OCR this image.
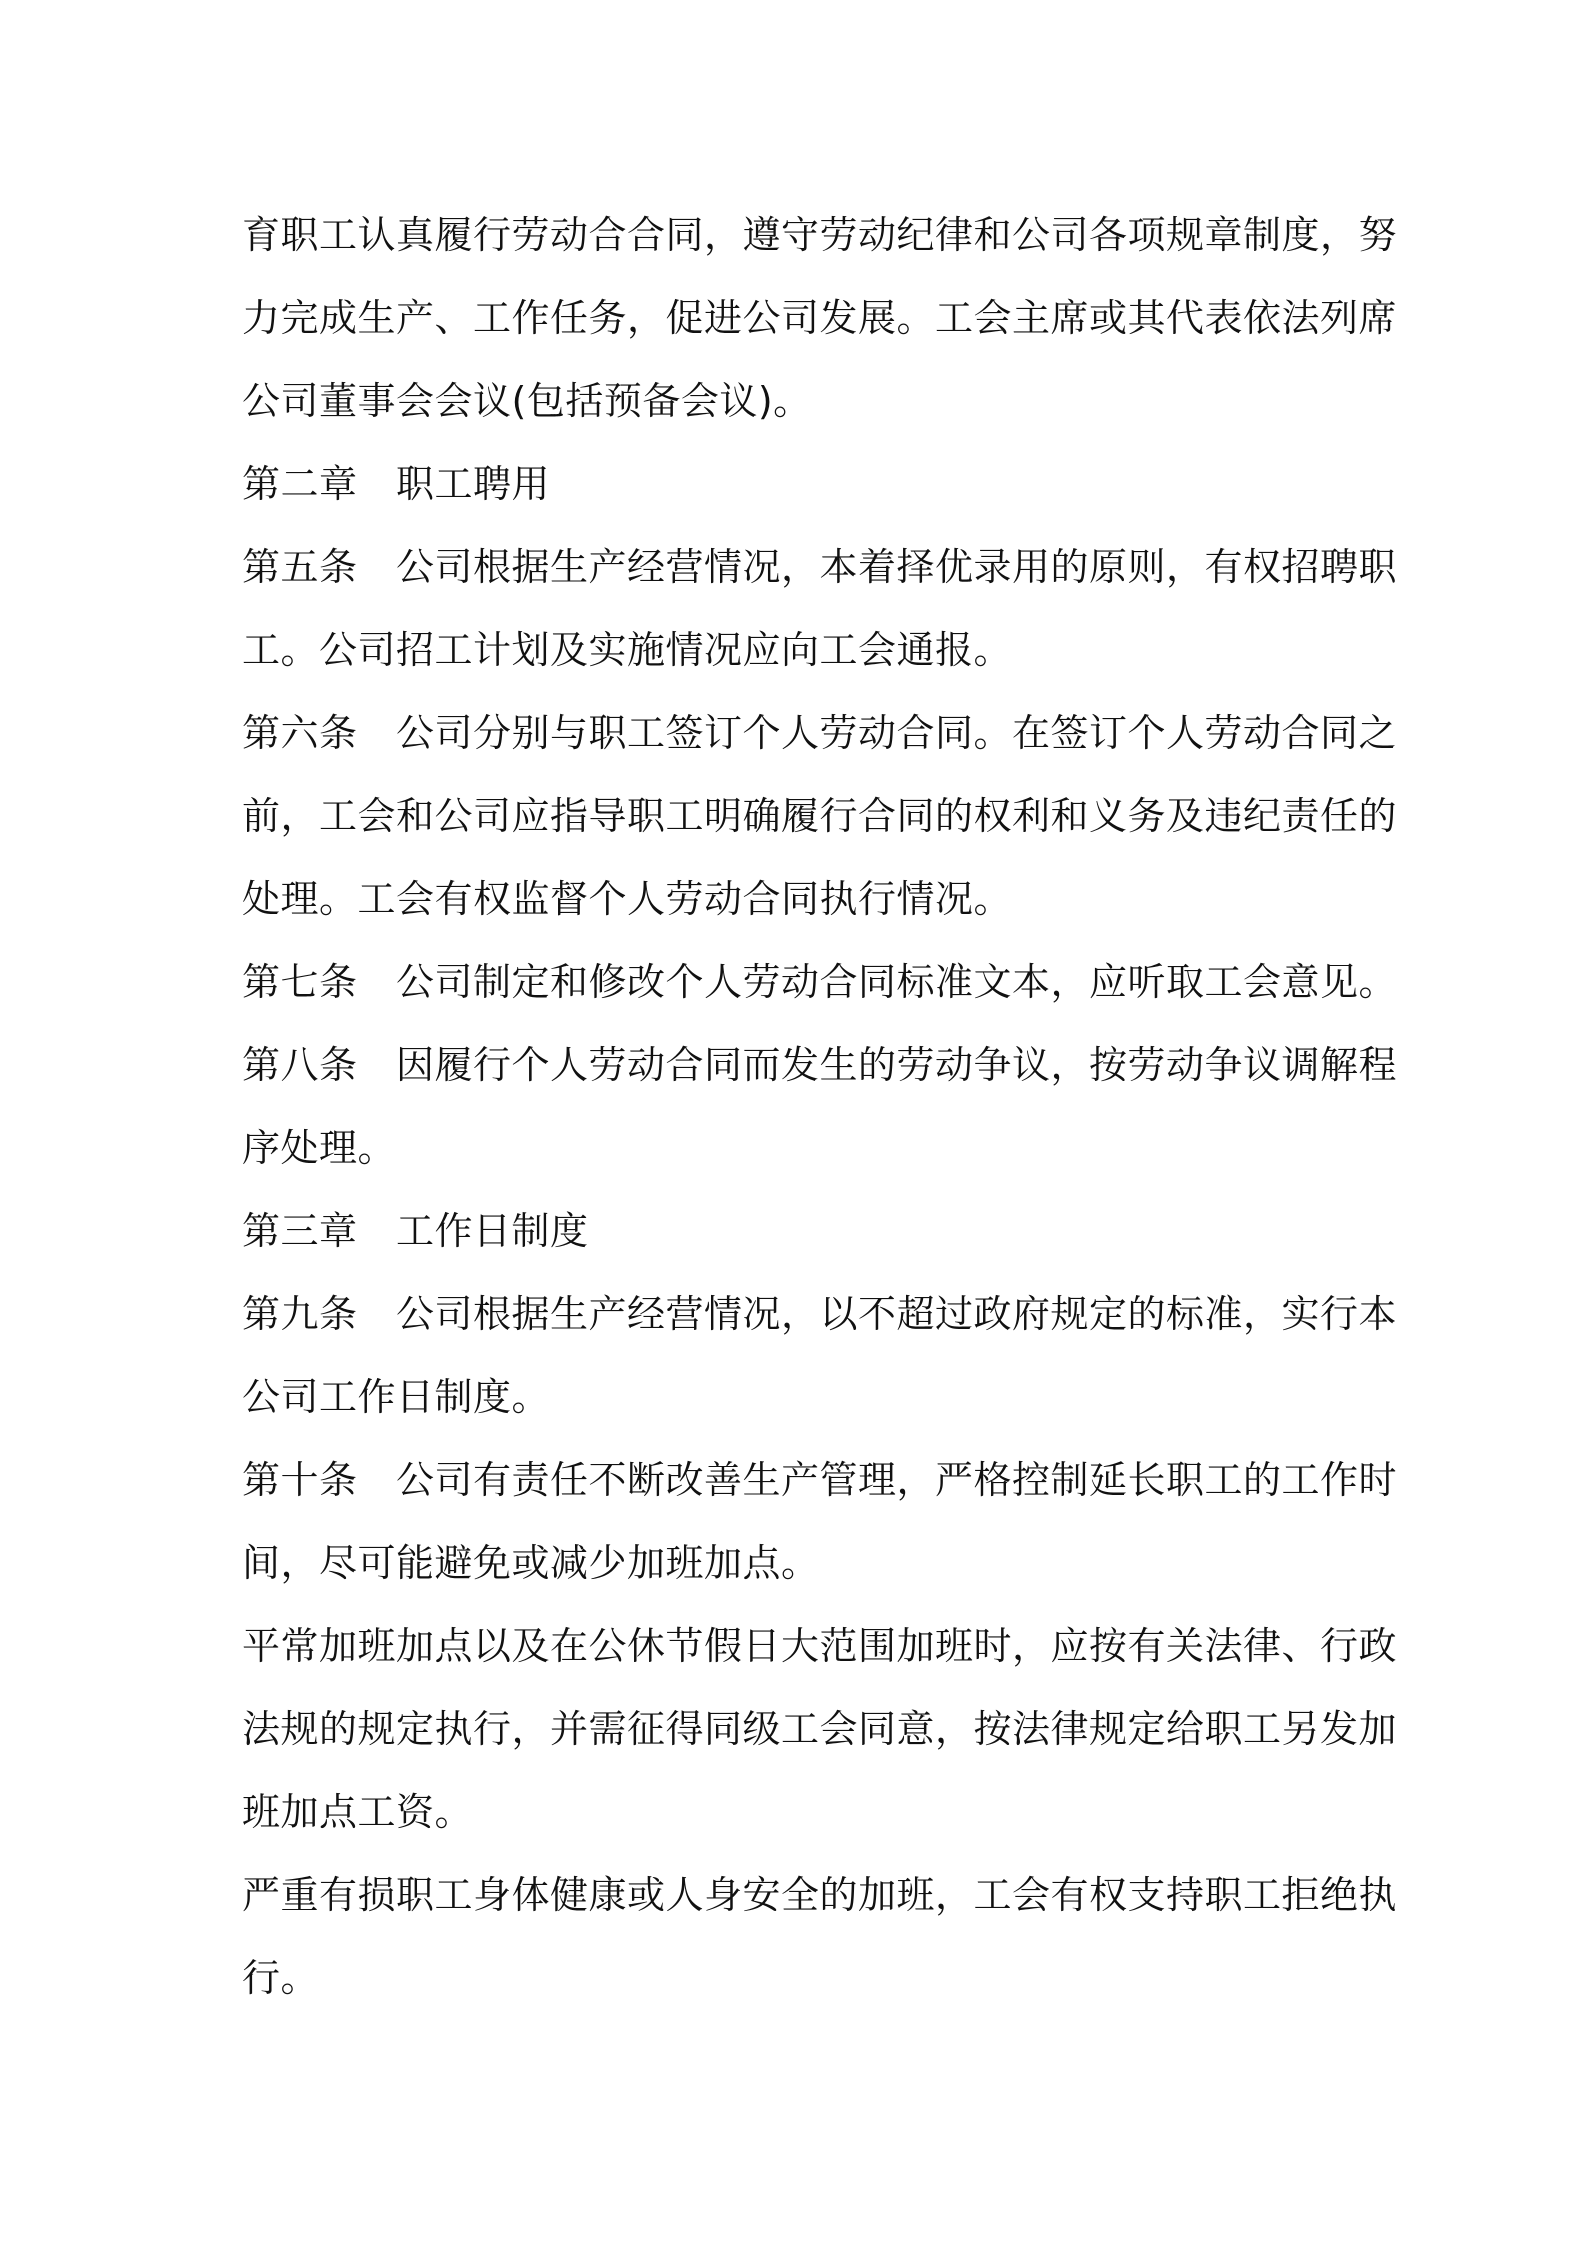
育职工认真履行劳动合合同，遵守劳动纪律和公司各项规章制度，努
力完成生产、工作任务，促进公司发展。工会主席或其代表依法列席
公司董事会会议(包括预备会议)。
第二章　职工聘用
第五条　公司根据生产经营情况，本着择优录用的原则，有权招聘职
工。公司招工计划及实施情况应向工会通报。
第六条　公司分别与职工签订个人劳动合同。在签订个人劳动合同之
前，工会和公司应指导职工明确履行合同的权利和义务及违纪责任的
处理。工会有权监督个人劳动合同执行情况。
第七条　公司制定和修改个人劳动合同标准文本，应听取工会意见。
第八条　因履行个人劳动合同而发生的劳动争议，按劳动争议调解程
序处理。
第三章　工作日制度
第九条　公司根据生产经营情况，以不超过政府规定的标准，实行本
公司工作日制度。
第十条　公司有责任不断改善生产管理，严格控制延长职工的工作时
间，尽可能避免或减少加班加点。
平常加班加点以及在公休节假日大范围加班时，应按有关法律、行政
法规的规定执行，并需征得同级工会同意，按法律规定给职工另发加
班加点工资。
严重有损职工身体健康或人身安全的加班，工会有权支持职工拒绝执
行。
